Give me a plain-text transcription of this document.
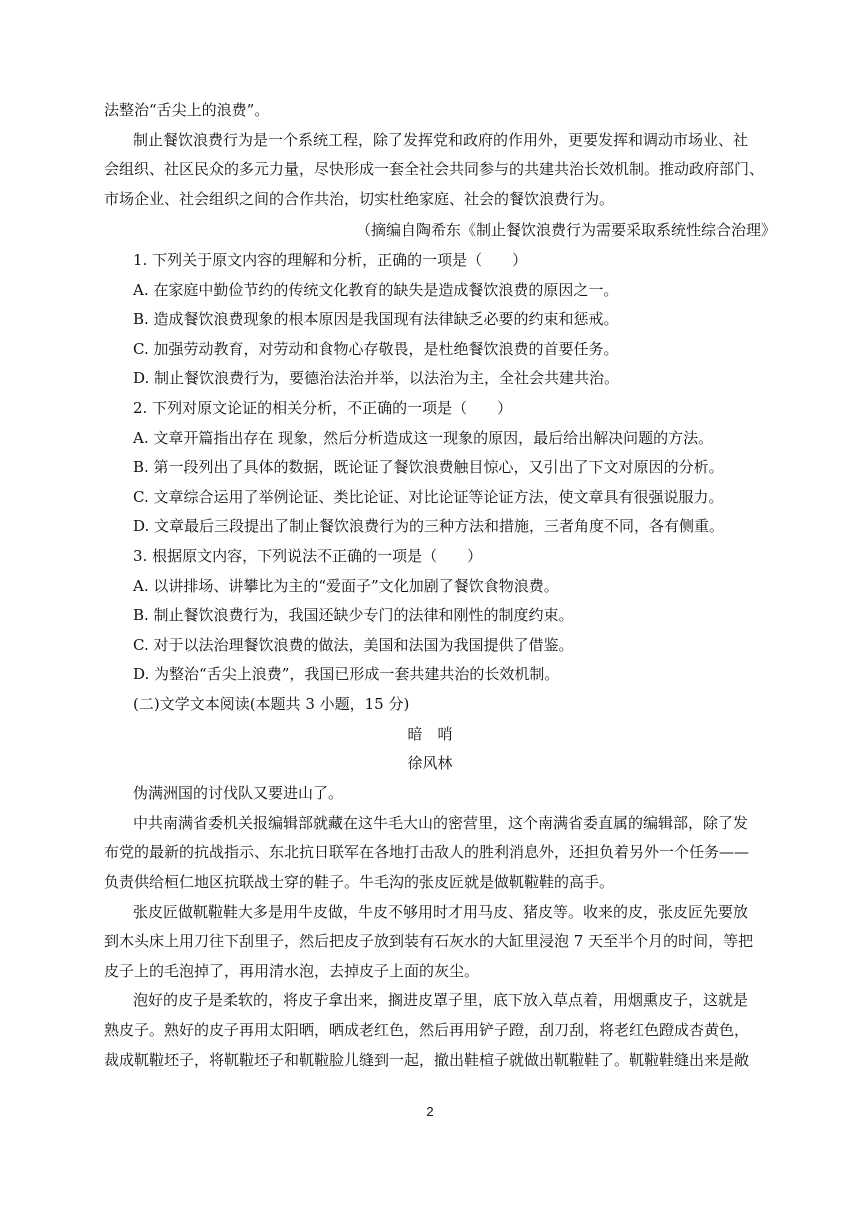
法整治“舌尖上的浪费”。
制止餐饮浪费行为是一个系统工程，除了发挥党和政府的作用外，更要发挥和调动市场业、社
会组织、社区民众的多元力量，尽快形成一套全社会共同参与的共建共治长效机制。推动政府部门、
市场企业、社会组织之间的合作共治，切实杜绝家庭、社会的餐饮浪费行为。
（摘编自陶希东《制止餐饮浪费行为需要采取系统性综合治理》
1. 下列关于原文内容的理解和分析，正确的一项是（　　）
A. 在家庭中勤俭节约的传统文化教育的缺失是造成餐饮浪费的原因之一。
B. 造成餐饮浪费现象的根本原因是我国现有法律缺乏必要的约束和惩戒。
C. 加强劳动教育，对劳动和食物心存敬畏，是杜绝餐饮浪费的首要任务。
D. 制止餐饮浪费行为，要德治法治并举，以法治为主，全社会共建共治。
2. 下列对原文论证的相关分析，不正确的一项是（　　）
A. 文章开篇指出存在 现象，然后分析造成这一现象的原因，最后给出解决问题的方法。
B. 第一段列出了具体的数据，既论证了餐饮浪费触目惊心，又引出了下文对原因的分析。
C. 文章综合运用了举例论证、类比论证、对比论证等论证方法，使文章具有很强说服力。
D. 文章最后三段提出了制止餐饮浪费行为的三种方法和措施，三者角度不同，各有侧重。
3. 根据原文内容，下列说法不正确的一项是（　　）
A. 以讲排场、讲攀比为主的“爱面子”文化加剧了餐饮食物浪费。
B. 制止餐饮浪费行为，我国还缺少专门的法律和刚性的制度约束。
C. 对于以法治理餐饮浪费的做法，美国和法国为我国提供了借鉴。
D. 为整治“舌尖上浪费”，我国已形成一套共建共治的长效机制。
(二)文学文本阅读(本题共 3 小题，15 分)
暗　哨
徐风林
伪满洲国的讨伐队又要进山了。
中共南满省委机关报编辑部就藏在这牛毛大山的密营里，这个南满省委直属的编辑部，除了发
布党的最新的抗战指示、东北抗日联军在各地打击敌人的胜利消息外，还担负着另外一个任务——
负责供给桓仁地区抗联战士穿的鞋子。牛毛沟的张皮匠就是做靰鞡鞋的高手。
张皮匠做靰鞡鞋大多是用牛皮做，牛皮不够用时才用马皮、猪皮等。收来的皮，张皮匠先要放
到木头床上用刀往下刮里子，然后把皮子放到装有石灰水的大缸里浸泡 7 天至半个月的时间，等把
皮子上的毛泡掉了，再用清水泡，去掉皮子上面的灰尘。
泡好的皮子是柔软的，将皮子拿出来，搁进皮罩子里，底下放入草点着，用烟熏皮子，这就是
熟皮子。熟好的皮子再用太阳晒，晒成老红色，然后再用铲子蹬，刮刀刮，将老红色蹬成杏黄色，
裁成靰鞡坯子，将靰鞡坯子和靰鞡脸儿缝到一起，撤出鞋楦子就做出靰鞡鞋了。靰鞡鞋缝出来是敞
2
